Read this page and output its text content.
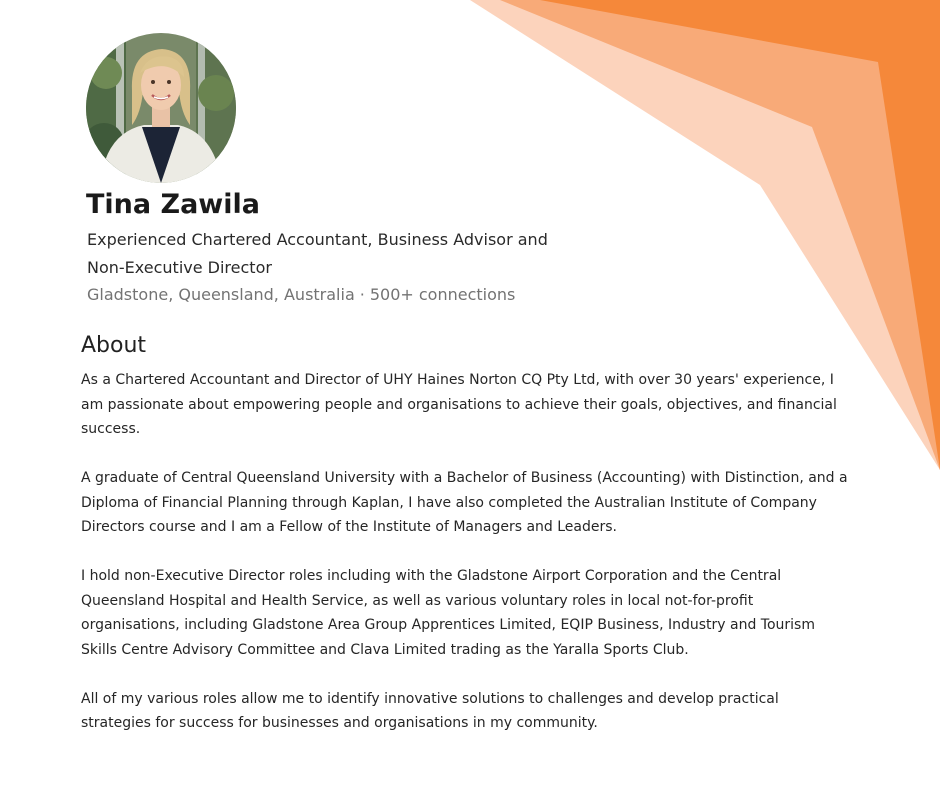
Tina Zawila

Experienced Chartered Accountant, Business Advisor and Non-Executive Director

Gladstone, Queensland, Australia · 500+ connections

About

As a Chartered Accountant and Director of UHY Haines Norton CQ Pty Ltd, with over 30 years' experience, I am passionate about empowering people and organisations to achieve their goals, objectives, and financial success.

A graduate of Central Queensland University with a Bachelor of Business (Accounting) with Distinction, and a Diploma of Financial Planning through Kaplan, I have also completed the Australian Institute of Company Directors course and I am a Fellow of the Institute of Managers and Leaders.

I hold non-Executive Director roles including with the Gladstone Airport Corporation and the Central Queensland Hospital and Health Service, as well as various voluntary roles in local not-for-profit organisations, including Gladstone Area Group Apprentices Limited, EQIP Business, Industry and Tourism Skills Centre Advisory Committee and Clava Limited trading as the Yaralla Sports Club.

All of my various roles allow me to identify innovative solutions to challenges and develop practical strategies for success for businesses and organisations in my community.
